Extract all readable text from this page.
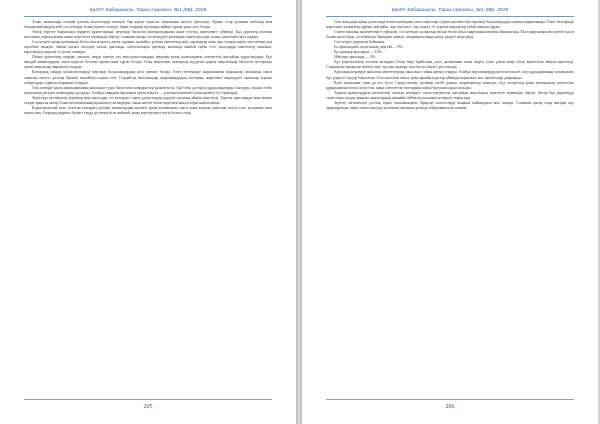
ҚазҰУ Хабаршысы. Тарих сериясы. №1 (88). 2018

Алаш зиялылары осылай ұлттық мәселелерді шешуге бар күшін жұмсап, мақсатына жетуге ұмтылды. Әрине, олар ұсынған жобалар мен бағдарламалардың көбі сол кезеңде толық жүзеге аспады, бірақ олардың идеялары кейінгі ұрпақ үшін үлгі болды.

Автор зерттеу барысында мұрағат құжаттарына, мерзімді баспасөз материалдарына және естелік деректерге сүйенеді. Бұл деректер аталған мәселенің тарихи мәнін ашып көрсетуге мүмкіндік береді, сонымен қатар сол кезеңдегі қоғамдық-саяси ахуалды толық сипаттауға жол ашады.

Сол кездегі қазақ қоғамында білім мен ағартуға деген сұраныс күшейіп, ұлттық мектептер ашу, оқулықтар жазу, ана тілінде оқыту мәселелері күн тәртібіне шықты. Зиялы қауым өкілдері халық арасында сауаттылықты арттыру жолында аянбай еңбек етті, ауылдарда мектептер ашылып, мұғалімдер даярлау ісі қолға алынды.

Патша үкіметінің отарлау саясаты, жерді тартып алу мен қоныстандыру науқаны қазақ даласындағы әлеуметтік жағдайды күрделендірді. Бұл жағдай зиялылардың саяси күреске белсене араласуына түрткі болды. Олар жергілікті халықтың мүддесін қорғау мақсатында баспасөз беттерінде үнемі мақалалар жариялап отырды.

Қоғамдық пікірді қалыптастыруда мерзімді басылымдардың рөлі ерекше болды. Газет беттерінде жарияланған мақалалар халықтың саяси санасын оятуға, ұлттық бірлікті нығайтуға ықпал етті. Сондай-ақ басылымдар оқырмандардың хаттарын, жергілікті жерлердегі оқиғалар туралы хабарларды тұрақты жариялап отырды.

Осы кезеңде қазақ зиялыларының арасында түрлі бағыттағы көзқарастар қалыптасты. Бір тобы дәстүрлі құндылықтарды сақтауды, екінші тобы еуропалық үлгідегі жаңғыруды қолдады. Алайда олардың барлығын ортақ мақсат — ұлттың болашағы үшін қызмет ету біріктірді.

Зерттеуде келтірілген деректер мен мысалдар сол кезеңдегі саяси үдерістердің күрделі сипатын айқын көрсетеді. Тарихи оқиғаларды жан-жақты талдау арқылы автор Алаш қозғалысының қалыптасу кезеңдерін, оның негізгі бағыттары мен міндеттерін нақтылайды.

Қорытындылай келе, аталған кезеңдегі ұлттық зиялылардың қызметі қазақ қоғамының саяси және мәдени дамуына елеулі үлес қосқанын атап өткен жөн. Олардың мұрасы бүгінгі таңда да өзектілігін жоймай, жаңа зерттеулерге негіз болып отыр.

205
ҚазҰУ Хабаршысы. Тарих сериясы. №1 (88). 2018

Осы жылдары қазақ даласында өткен қоғамдық-саяси оқиғалар туралы мәліметтер мерзімді басылымдарда кеңінен жарияланды. Газет беттерінде жергілікті халықтың тұрмыс жағдайы, жер мәселесі, оқу-ағарту ісі туралы мақалалар үзбей шығып тұрды.

Статистикалық мәліметтерге сүйенсек, сол кезеңде халықтың басым бөлігі ауыл шаруашылығымен айналысқан. Мал шаруашылығы негізгі кәсіп болып қала берді, ал егіншілік біртіндеп дамып, отырықшылыққа көшу үдерісі жеделдеді.

Сол кездегі деректер бойынша:

Ел арасындағы сауаттылық деңгейі — 8%.

Ер адамдар арасында — 12%.

Әйелдер арасында — 3%.

Бұл көрсеткіштер аталған кезеңдегі білім беру жүйесінің әлсіз дамығанын және ағарту ісіне үлкен көңіл бөлу қажеттігін айқын көрсетеді. Сондықтан зиялылар мектеп ашу, оқулық шығару ісін басты міндет деп санады.

Ауылдық жерлерде ашылған мектептердің саны жыл сайын артып отырды. Алайда мұғалімдердің жетіспеушілігі, оқу құралдарының тапшылығы бұл үдерісті едәуір баяулатты. Осы мәселені шешу үшін арнайы курстар ұйымдастырылып, жас мұғалімдер даярланды.

Қала халқының саны да өсе түсті. Сауда-саттық, қолөнер кәсібі дамып, жәрмеңкелер ашылды. Бұл өзгерістер қазақ қоғамының әлеуметтік құрылымына елеулі әсер етіп, жаңа әлеуметтік топтардың пайда болуына ықпал жасады.

Тарихи құжаттардағы мәліметтер аталған кезеңдегі саяси-әлеуметтік жағдайды жан-жақты зерттеуге мүмкіндік береді. Автор бұл деректерді салыстыра талдау арқылы оқиғалардың шынайы бейнесін қалпына келтіруге тырысады.

Зерттеу нәтижелері ұлттық тарих ғылымындағы бірқатар мәселелерді жаңаша пайымдауға жол ашады. Сонымен қатар олар жоғары оқу орындарында тарих пәнін оқытуда қосымша материал ретінде пайдаланылуы мүмкін.

206
